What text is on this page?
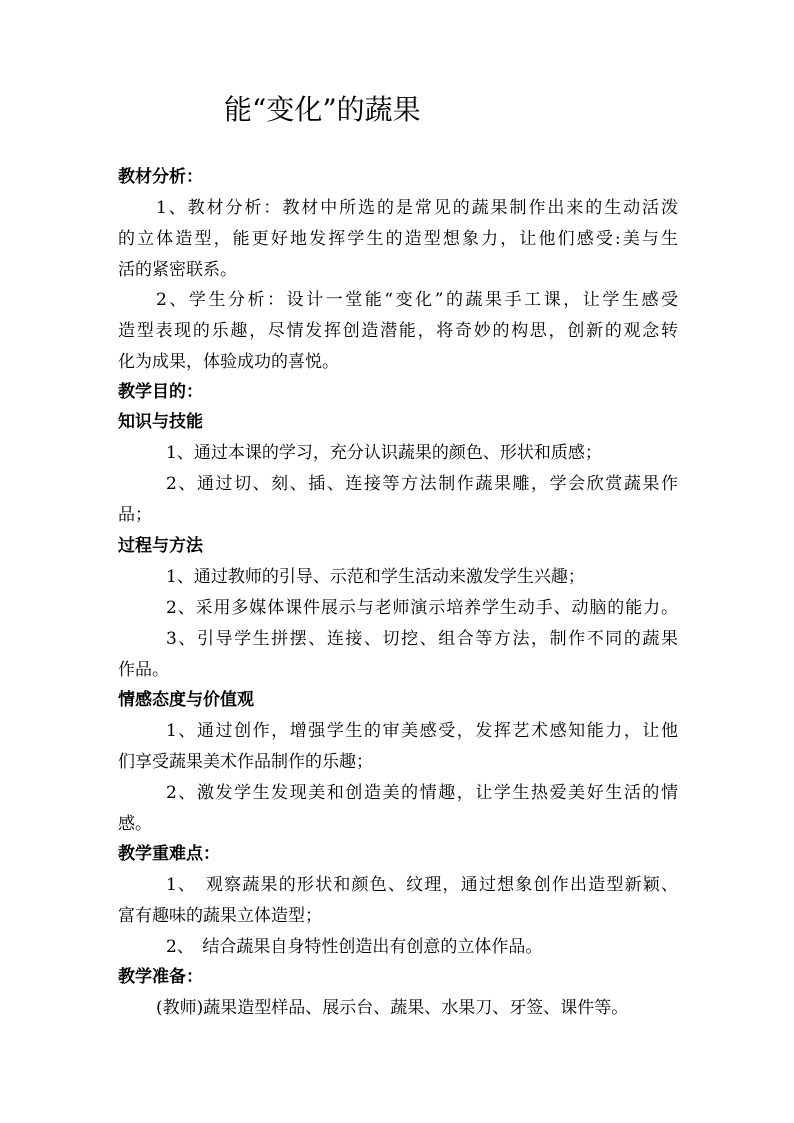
能“变化”的蔬果
教材分析：
1、教材分析：教材中所选的是常见的蔬果制作出来的生动活泼
的立体造型，能更好地发挥学生的造型想象力，让他们感受:美与生
活的紧密联系。
2、学生分析：设计一堂能“变化”的蔬果手工课，让学生感受
造型表现的乐趣，尽情发挥创造潜能，将奇妙的构思，创新的观念转
化为成果，体验成功的喜悦。
教学目的：
知识与技能
1、通过本课的学习，充分认识蔬果的颜色、形状和质感；
2、通过切、刻、插、连接等方法制作蔬果雕，学会欣赏蔬果作
品；
过程与方法
1、通过教师的引导、示范和学生活动来激发学生兴趣；
2、采用多媒体课件展示与老师演示培养学生动手、动脑的能力。
3、引导学生拼摆、连接、切挖、组合等方法，制作不同的蔬果
作品。
情感态度与价值观
1、通过创作，增强学生的审美感受，发挥艺术感知能力，让他
们享受蔬果美术作品制作的乐趣；
2、激发学生发现美和创造美的情趣，让学生热爱美好生活的情
感。
教学重难点：
1、　观察蔬果的形状和颜色、纹理，通过想象创作出造型新颖、
富有趣味的蔬果立体造型；
2、　结合蔬果自身特性创造出有创意的立体作品。
教学准备：
(教师)蔬果造型样品、展示台、蔬果、水果刀、牙签、课件等。
